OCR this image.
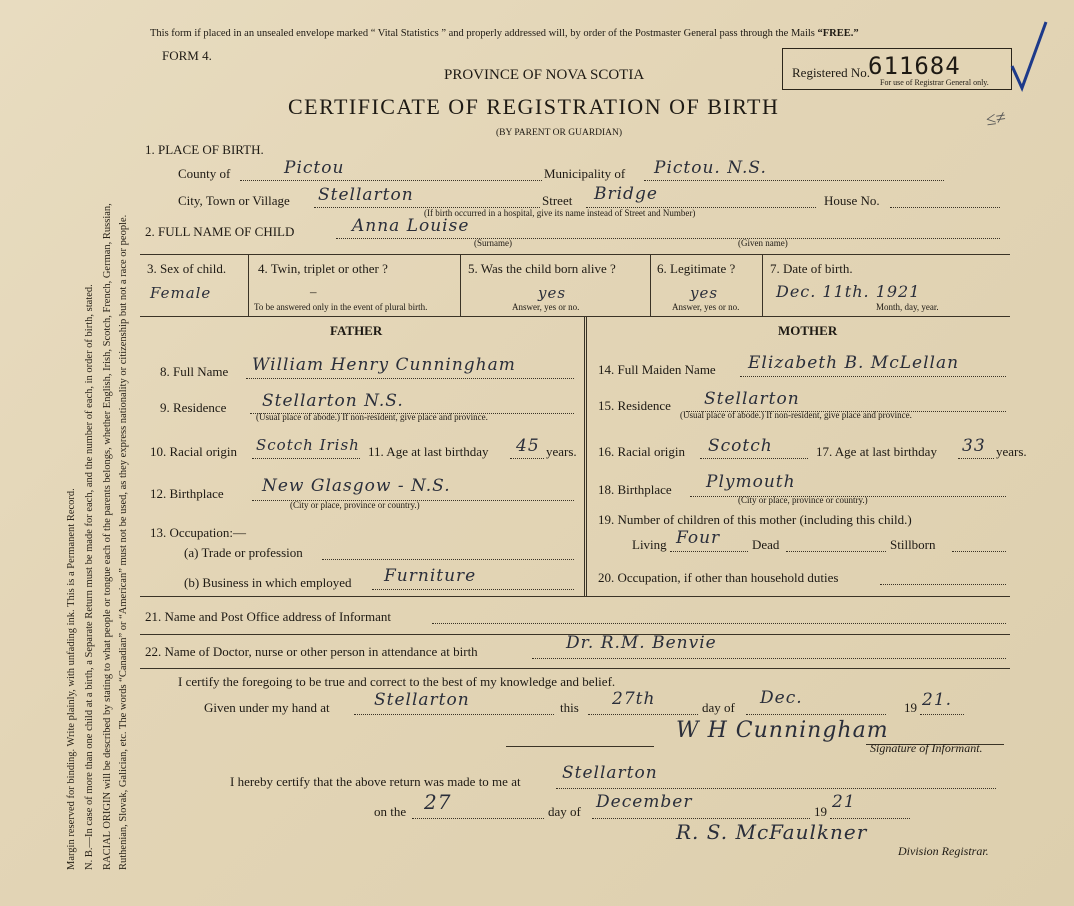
Margin reserved for binding. Write plainly, with unfading ink. This is a Permanent Record. N. B.—In case of more than one child at a birth, a Separate Return must be made for each, and the number of each, in order of birth, stated. RACIAL ORIGIN will be described by stating to what people or tongue each of the parents belongs, whether English, Irish, Scotch, French, German, Russian, Ruthenian, Slovak, Galician, etc. The words “Canadian” or “American” must not be used, as they express nationality or citizenship but not a race or people.
This form if placed in an unsealed envelope marked “ Vital Statistics ” and properly addressed will, by order of the Postmaster General pass through the Mails “FREE.”
FORM 4.
PROVINCE OF NOVA SCOTIA
CERTIFICATE OF REGISTRATION OF BIRTH
(BY PARENT OR GUARDIAN)
Registered No.
611684
For use of Registrar General only.
≤≠
1. PLACE OF BIRTH.
County of	Pictou	Municipality of Pictou. N.S.
City, Town or Village Stellarton	Street Bridge	House No.
(If birth occurred in a hospital, give its name instead of Street and Number)
2. FULL NAME OF CHILD	Anna Louise
(Surname)	(Given name)
3. Sex of child.
Female
4. Twin, triplet or other ?
–
To be answered only in the event of plural birth.
5. Was the child born alive ?
yes
Answer, yes or no.
6. Legitimate ?
yes
Answer, yes or no.
7. Date of birth.
Dec. 11th. 1921
Month, day, year.
FATHER	MOTHER
8. Full Name William Henry Cunningham
9. Residence Stellarton N.S.
(Usual place of abode.) If non-resident, give place and province.
10. Racial origin Scotch Irish 11. Age at last birthday 45 years.
12. Birthplace New Glasgow - N.S.
(City or place, province or country.)
13. Occupation:—
(a) Trade or profession
(b) Business in which employed Furniture
14. Full Maiden Name Elizabeth B. McLellan
15. Residence Stellarton
(Usual place of abode.) If non-resident, give place and province.
16. Racial origin Scotch	17. Age at last birthday 33 years.
18. Birthplace Plymouth
(City or place, province or country.)
19. Number of children of this mother (including this child.)
Living Four Dead	Stillborn
20. Occupation, if other than household duties
21. Name and Post Office address of Informant
22. Name of Doctor, nurse or other person in attendance at birth	Dr. R.M. Benvie
I certify the foregoing to be true and correct to the best of my knowledge and belief.
Given under my hand at	Stellarton	this 27th	day of Dec.	19 21.
W H Cunningham
Signature of Informant.
I hereby certify that the above return was made to me at Stellarton
on the 27	day of December	19 21
R. S. McFaulkner
Division Registrar.
